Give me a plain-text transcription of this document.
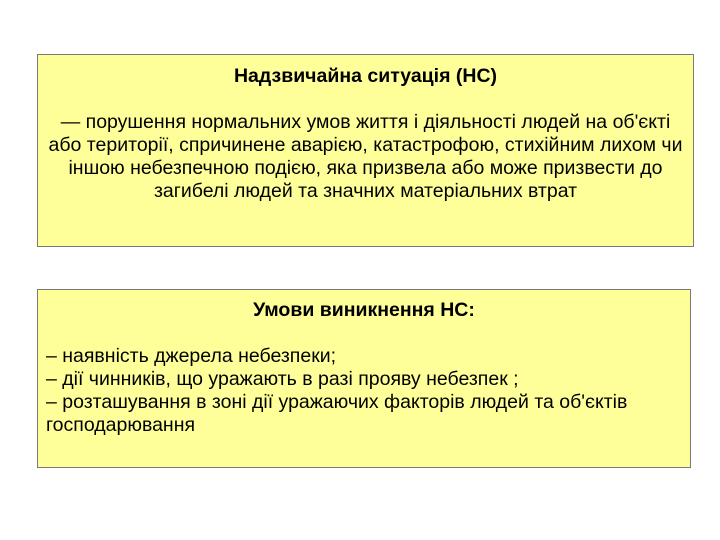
Надзвичайна ситуація (НС)

— порушення нормальних умов життя і діяльності людей на об'єкті або території, спричинене аварією, катастрофою, стихійним лихом чи іншою небезпечною подією, яка призвела або може призвести до загибелі людей та значних матеріальних втрат

Умови виникнення НС:

– наявність джерела небезпеки;
– дії чинників, що уражають в разі прояву небезпек ;
– розташування в зоні дії уражаючих факторів людей та об'єктів господарювання
